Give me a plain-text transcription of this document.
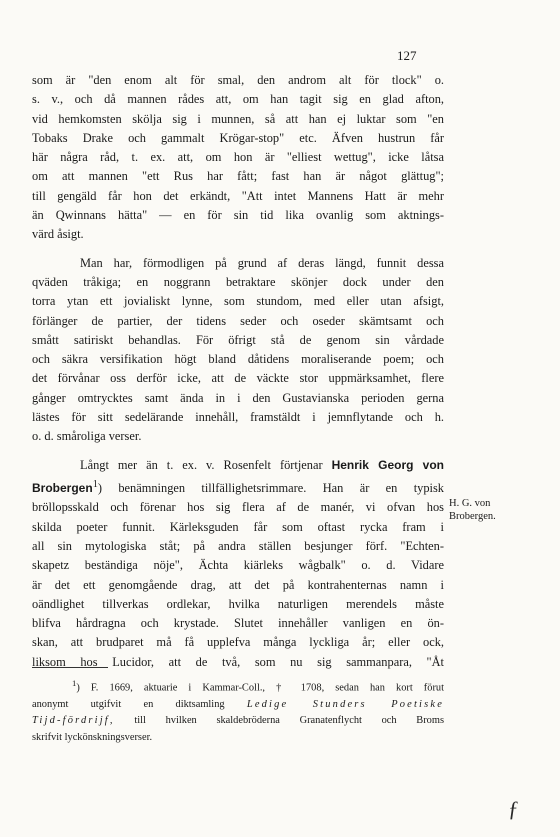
127
som är "den enom alt för smal, den androm alt för tlock" o.
s. v., och då mannen rådes att, om han tagit sig en glad afton,
vid hemkomsten skölja sig i munnen, så att han ej luktar som "en
Tobaks Drake och gammalt Krögar-stop" etc. Äfven hustrun får
här några råd, t. ex. att, om hon är "elliest wettug", icke låtsa
om att mannen "ett Rus har fått; fast han är något glättug";
till gengäld får hon det erkändt, "Att intet Mannens Hatt är mehr
än Qwinnans hätta" — en för sin tid lika ovanlig som aktnings-
värd åsigt.
Man har, förmodligen på grund af deras längd, funnit dessa
qväden tråkiga; en noggrann betraktare skönjer dock under den
torra ytan ett jovialiskt lynne, som stundom, med eller utan afsigt,
förlänger de partier, der tidens seder och oseder skämtsamt och
smått satiriskt behandlas. För öfrigt stå de genom sin vårdade
och säkra versifikation högt bland dåtidens moraliserande poem; och
det förvånar oss derför icke, att de väckte stor uppmärksamhet, flere
gånger omtrycktes samt ända in i den Gustavianska perioden gerna
lästes för sitt sedelärande innehåll, framstäldt i jemnflytande och h.
o. d. småroliga verser.
Långt mer än t. ex. v. Rosenfelt förtjenar Henrik Georg von
Brobergen$^1$) benämningen tillfällighetsrimmare. Han är en typisk
bröllopsskald och förenar hos sig flera af de manér, vi ofvan hos
skilda poeter funnit. Kärleksguden får som oftast rycka fram i
all sin mytologiska ståt; på andra ställen besjunger förf. "Echten-
skapetz beständiga nöje", Ächta kiärleks wågbalk" o. d. Vidare
är det ett genomgående drag, att det på kontrahenternas namn i
oändlighet tillverkas ordlekar, hvilka naturligen merendels måste
blifva hårdragna och krystade. Slutet innehåller vanligen en ön-
skan, att brudparet må få upplefva många lyckliga år; eller ock,
liksom hos Lucidor, att de två, som nu sig sammanpara, "Åt
H. G. von
Brobergen.
$^1$) F. 1669, aktuarie i Kammar-Coll., † 1708, sedan han kort förut
anonymt utgifvit en diktsamling Ledige Stunders Poetiske
Tijd-fördrijf, till hvilken skaldebröderna Granatenflycht och Broms
skrifvit lyckönskningsverser.
ƒ
